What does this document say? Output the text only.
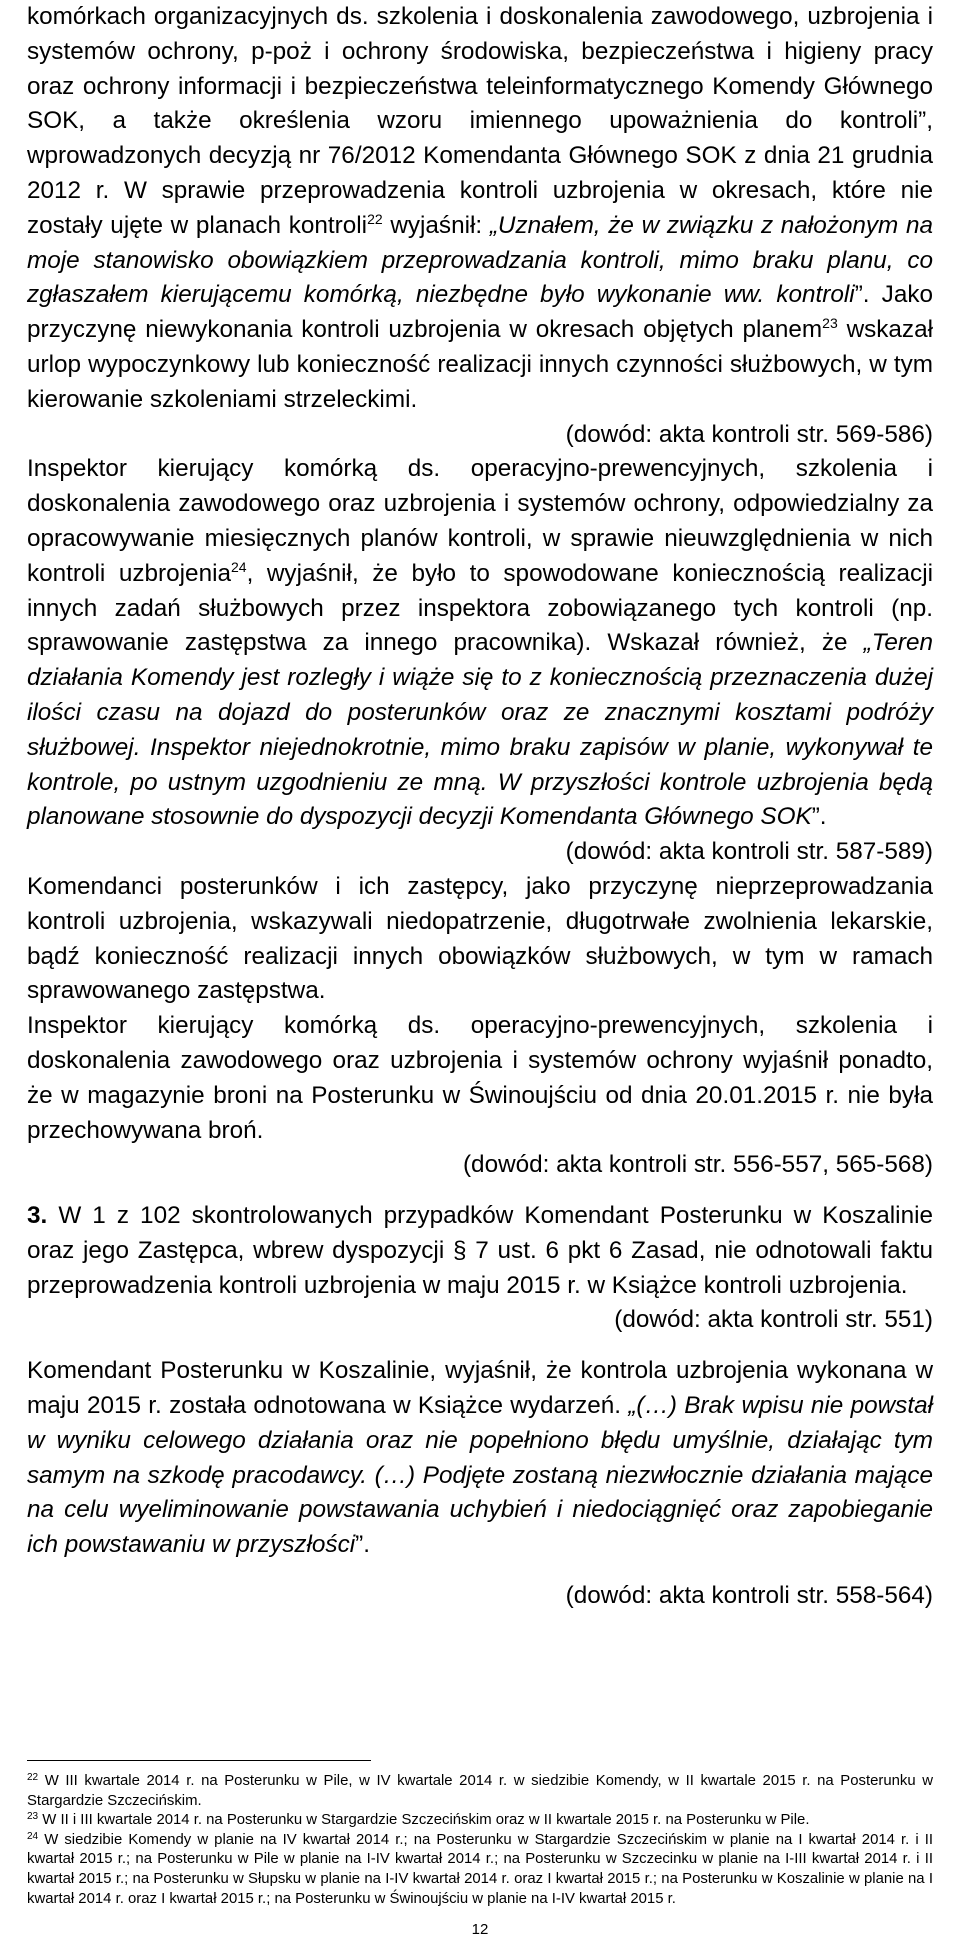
komórkach organizacyjnych ds. szkolenia i doskonalenia zawodowego, uzbrojenia i systemów ochrony, p-poż i ochrony środowiska, bezpieczeństwa i higieny pracy oraz ochrony informacji i bezpieczeństwa teleinformatycznego Komendy Głównego SOK, a także określenia wzoru imiennego upoważnienia do kontroli”, wprowadzonych decyzją nr 76/2012 Komendanta Głównego SOK z dnia 21 grudnia 2012 r. W sprawie przeprowadzenia kontroli uzbrojenia w okresach, które nie zostały ujęte w planach kontroli$^{22}$ wyjaśnił: „Uznałem, że w związku z nałożonym na moje stanowisko obowiązkiem przeprowadzania kontroli, mimo braku planu, co zgłaszałem kierującemu komórką, niezbędne było wykonanie ww. kontroli”. Jako przyczynę niewykonania kontroli uzbrojenia w okresach objętych planem$^{23}$ wskazał urlop wypoczynkowy lub konieczność realizacji innych czynności służbowych, w tym kierowanie szkoleniami strzeleckimi.

(dowód: akta kontroli str. 569-586)

Inspektor kierujący komórką ds. operacyjno-prewencyjnych, szkolenia i doskonalenia zawodowego oraz uzbrojenia i systemów ochrony, odpowiedzialny za opracowywanie miesięcznych planów kontroli, w sprawie nieuwzględnienia w nich kontroli uzbrojenia$^{24}$, wyjaśnił, że było to spowodowane koniecznością realizacji innych zadań służbowych przez inspektora zobowiązanego tych kontroli (np. sprawowanie zastępstwa za innego pracownika). Wskazał również, że „Teren działania Komendy jest rozległy i wiąże się to z koniecznością przeznaczenia dużej ilości czasu na dojazd do posterunków oraz ze znacznymi kosztami podróży służbowej. Inspektor niejednokrotnie, mimo braku zapisów w planie, wykonywał te kontrole, po ustnym uzgodnieniu ze mną. W przyszłości kontrole uzbrojenia będą planowane stosownie do dyspozycji decyzji Komendanta Głównego SOK”.

(dowód: akta kontroli str. 587-589)

Komendanci posterunków i ich zastępcy, jako przyczynę nieprzeprowadzania kontroli uzbrojenia, wskazywali niedopatrzenie, długotrwałe zwolnienia lekarskie, bądź konieczność realizacji innych obowiązków służbowych, w tym w ramach sprawowanego zastępstwa.

Inspektor kierujący komórką ds. operacyjno-prewencyjnych, szkolenia i doskonalenia zawodowego oraz uzbrojenia i systemów ochrony wyjaśnił ponadto, że w magazynie broni na Posterunku w Świnoujściu od dnia 20.01.2015 r. nie była przechowywana broń.

(dowód: akta kontroli str. 556-557, 565-568)

3. W 1 z 102 skontrolowanych przypadków Komendant Posterunku w Koszalinie oraz jego Zastępca, wbrew dyspozycji § 7 ust. 6 pkt 6 Zasad, nie odnotowali faktu przeprowadzenia kontroli uzbrojenia w maju 2015 r. w Książce kontroli uzbrojenia.

(dowód: akta kontroli str. 551)

Komendant Posterunku w Koszalinie, wyjaśnił, że kontrola uzbrojenia wykonana w maju 2015 r. została odnotowana w Książce wydarzeń. „(…) Brak wpisu nie powstał w wyniku celowego działania oraz nie popełniono błędu umyślnie, działając tym samym na szkodę pracodawcy. (…) Podjęte zostaną niezwłocznie działania mające na celu wyeliminowanie powstawania uchybień i niedociągnięć oraz zapobieganie ich powstawaniu w przyszłości”.

(dowód: akta kontroli str. 558-564)

$^{22}$ W III kwartale 2014 r. na Posterunku w Pile, w IV kwartale 2014 r. w siedzibie Komendy, w II kwartale 2015 r. na Posterunku w Stargardzie Szczecińskim.

$^{23}$ W II i III kwartale 2014 r. na Posterunku w Stargardzie Szczecińskim oraz w II kwartale 2015 r. na Posterunku w Pile.

$^{24}$ W siedzibie Komendy w planie na IV kwartał 2014 r.; na Posterunku w Stargardzie Szczecińskim w planie na I kwartał 2014 r. i II kwartał 2015 r.; na Posterunku w Pile w planie na I-IV kwartał 2014 r.; na Posterunku w Szczecinku w planie na I-III kwartał 2014 r. i II kwartał 2015 r.; na Posterunku w Słupsku w planie na I-IV kwartał 2014 r. oraz I kwartał 2015 r.; na Posterunku w Koszalinie w planie na I kwartał 2014 r. oraz I kwartał 2015 r.; na Posterunku w Świnoujściu w planie na I-IV kwartał 2015 r.

12
